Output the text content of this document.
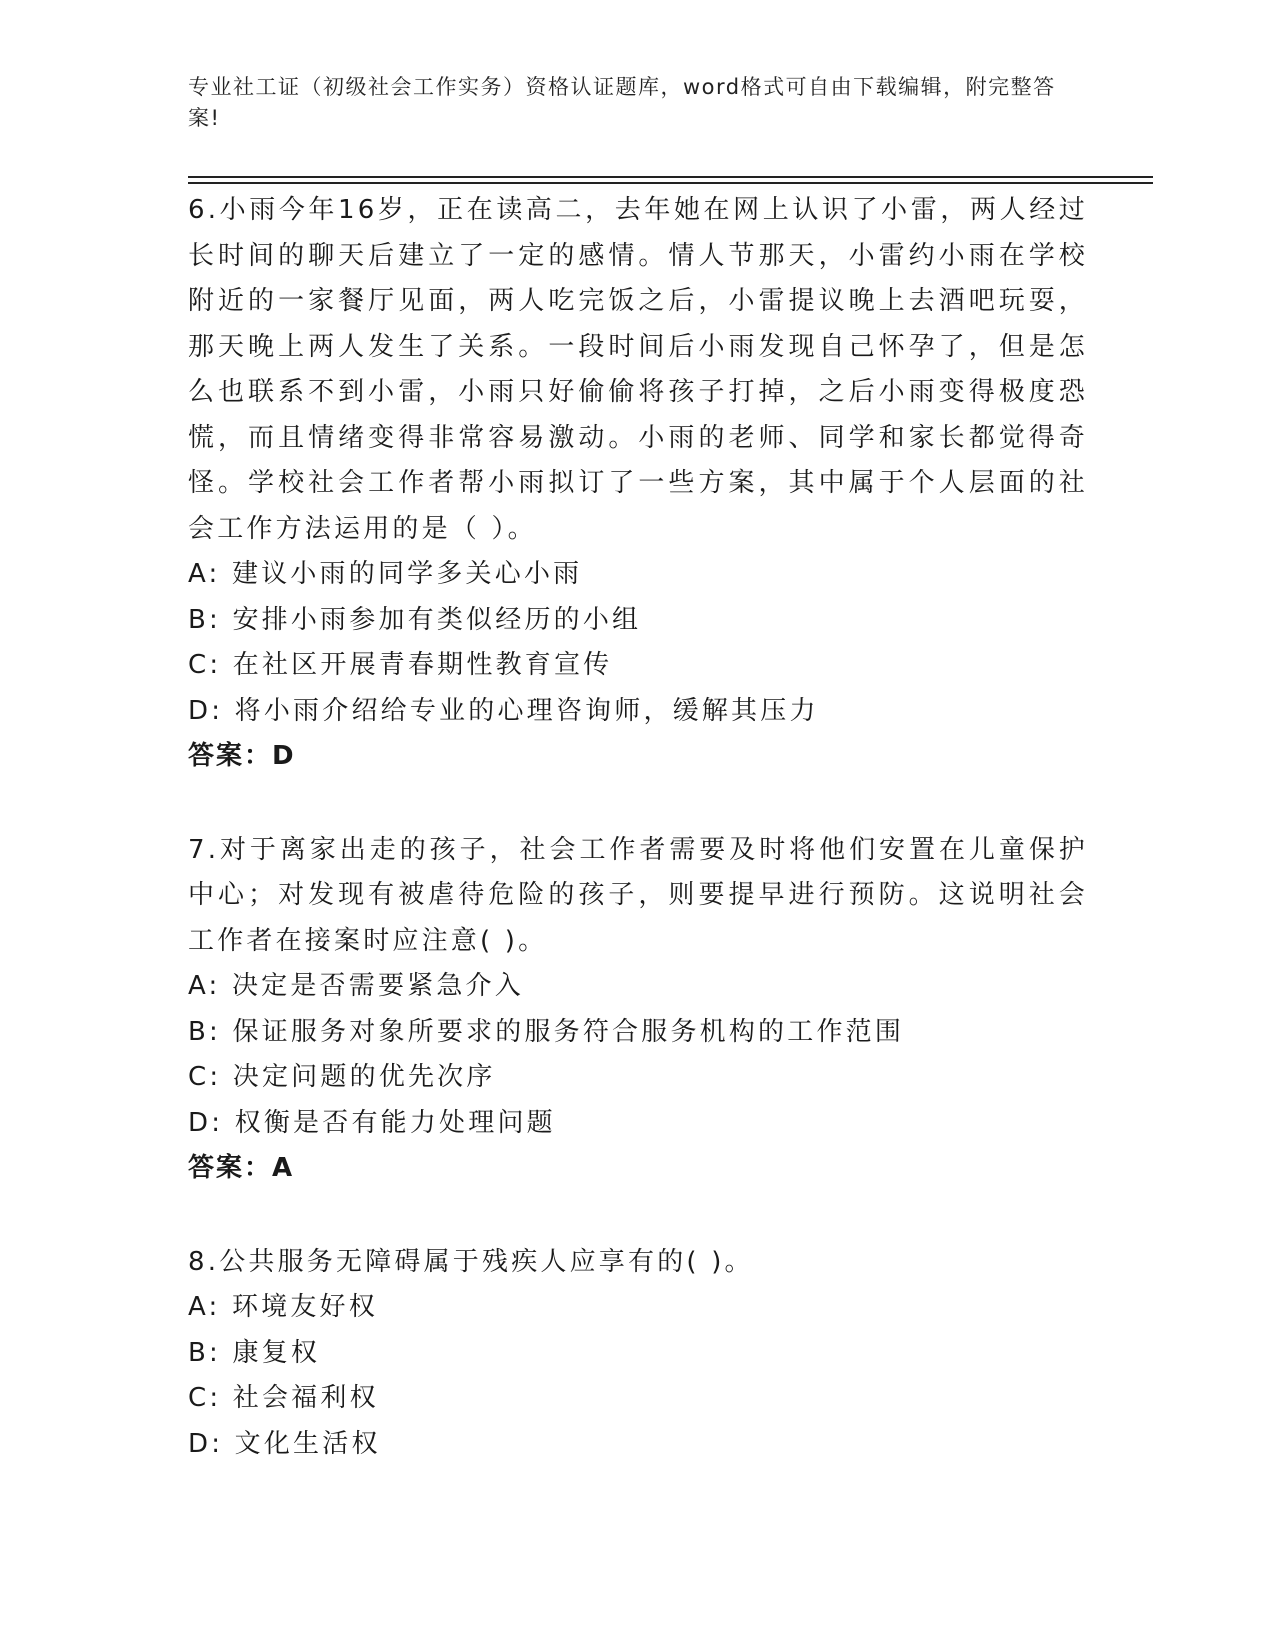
专业社工证（初级社会工作实务）资格认证题库，word格式可自由下载编辑，附完整答案!

6.小雨今年16岁，正在读高二，去年她在网上认识了小雷，两人经过长时间的聊天后建立了一定的感情。情人节那天，小雷约小雨在学校附近的一家餐厅见面，两人吃完饭之后，小雷提议晚上去酒吧玩耍，那天晚上两人发生了关系。一段时间后小雨发现自己怀孕了，但是怎么也联系不到小雷，小雨只好偷偷将孩子打掉，之后小雨变得极度恐慌，而且情绪变得非常容易激动。小雨的老师、同学和家长都觉得奇怪。学校社会工作者帮小雨拟订了一些方案，其中属于个人层面的社会工作方法运用的是（ ）。

A: 建议小雨的同学多关心小雨

B: 安排小雨参加有类似经历的小组

C: 在社区开展青春期性教育宣传

D: 将小雨介绍给专业的心理咨询师，缓解其压力

答案：D

7.对于离家出走的孩子，社会工作者需要及时将他们安置在儿童保护中心；对发现有被虐待危险的孩子，则要提早进行预防。这说明社会工作者在接案时应注意( )。

A: 决定是否需要紧急介入

B: 保证服务对象所要求的服务符合服务机构的工作范围

C: 决定问题的优先次序

D: 权衡是否有能力处理问题

答案：A

8.公共服务无障碍属于残疾人应享有的( )。

A: 环境友好权

B: 康复权

C: 社会福利权

D: 文化生活权
